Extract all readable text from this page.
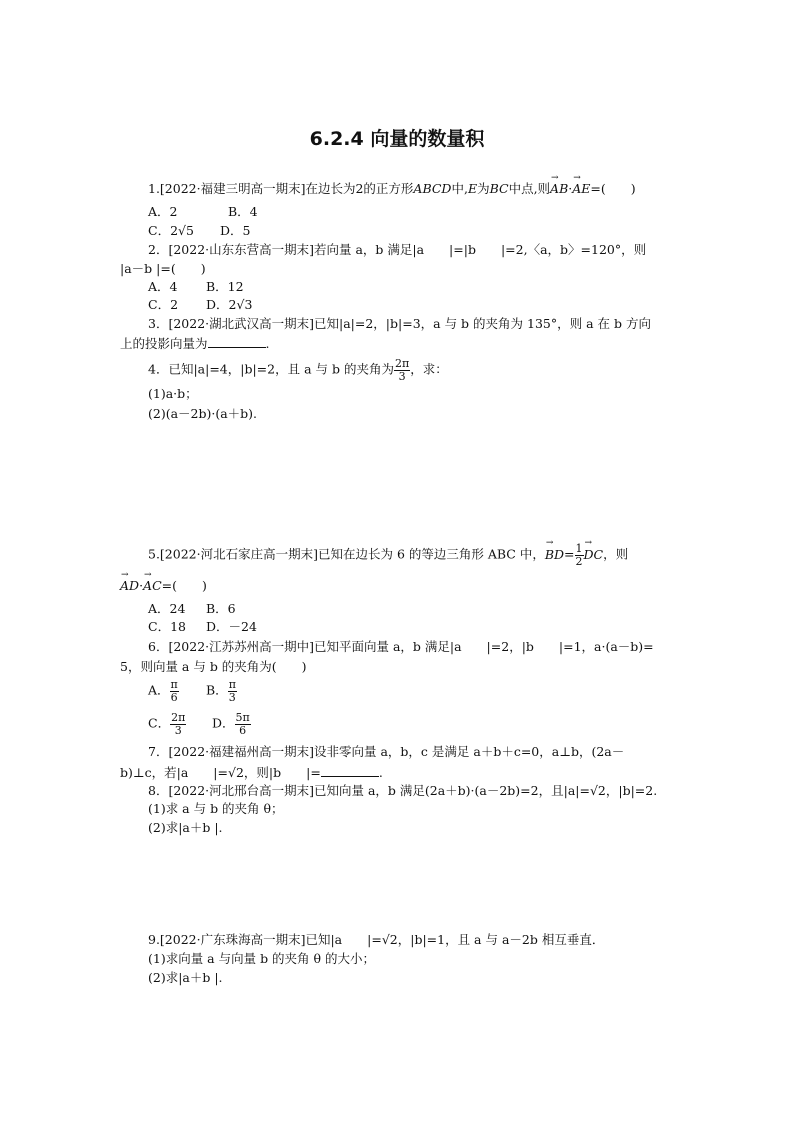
6.2.4 向量的数量积
1.[2022·福建三明高一期末]在边长为2的正方形ABCD中,E为BC中点,则→ AB·→ AE=(　　)
A．2	B．4
C．2√5 D．5
2．[2022·山东东营高一期末]若向量 a，b 满足|a　　|=|b　　|=2,〈a，b〉=120°，则
|a－b |=(　　)
A．4 B．12
C．2 D．2√3
3．[2022·湖北武汉高一期末]已知|a|=2，|b|=3，a 与 b 的夹角为 135°，则 a 在 b 方向
上的投影向量为	.
4．已知|a|=4，|b|=2，且 a 与 b 的夹角为 $\frac{2\pi}{3}$ ，求：
(1)a·b；
(2)(a－2b)·(a＋b).
5.[2022·河北石家庄高一期末]已知在边长为 6 的等边三角形 ABC 中，→ $BD= \frac{1}{2}$
→ DC，则
→ AD·→ AC=(　　)
A．24 B．6
C．18 D．－24
6．[2022·江苏苏州高一期中]已知平面向量 a，b 满足|a　　|=2，|b　　|=1，a·(a－b)=
5，则向量 a 与 b 的夹角为(　　)
A． $\frac{\pi}{6}$ B． $\frac{\pi}{3}$
C． $\frac{2\pi}{3}$ D． $\frac{5\pi}{6}$
7．[2022·福建福州高一期末]设非零向量 a，b，c 是满足 a＋b＋c=0，a⊥b，(2a－
b)⊥c，若|a　　|=√2，则|b　　|=	.
8．[2022·河北邢台高一期末]已知向量 a，b 满足(2a＋b)·(a－2b)=2，且|a|=√2，|b|=2.
(1)求 a 与 b 的夹角 θ；
(2)求|a＋b |.
9.[2022·广东珠海高一期末]已知|a　　|=√2，|b|=1，且 a 与 a－2b 相互垂直．
(1)求向量 a 与向量 b 的夹角 θ 的大小；
(2)求|a＋b |.
